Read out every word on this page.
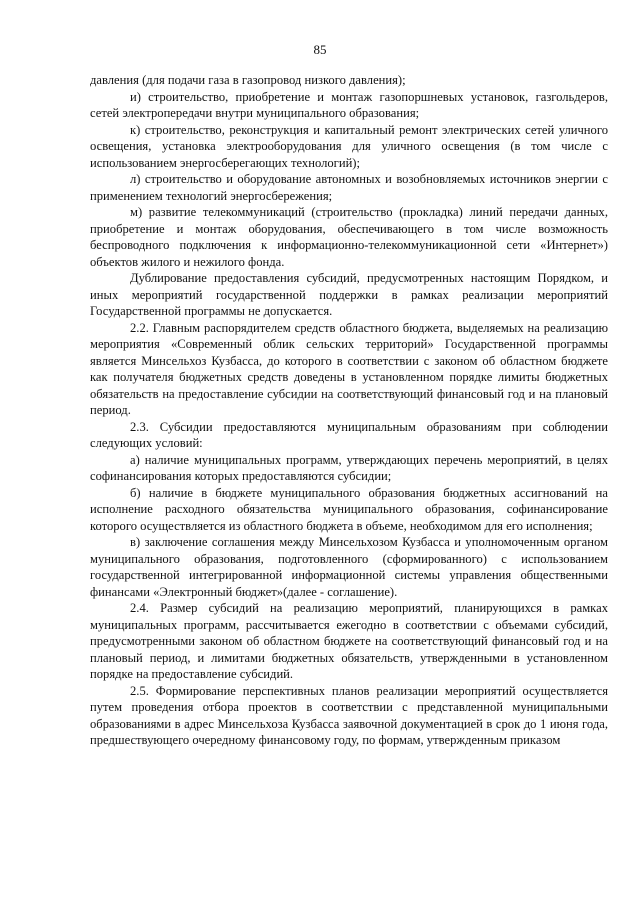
85

давления (для подачи газа в газопровод низкого давления);

и) строительство, приобретение и монтаж газопоршневых установок, газгольдеров, сетей электропередачи внутри муниципального образования;

к) строительство, реконструкция и капитальный ремонт электрических сетей уличного освещения, установка электрооборудования для уличного освещения (в том числе с использованием энергосберегающих технологий);

л) строительство и оборудование автономных и возобновляемых источников энергии с применением технологий энергосбережения;

м) развитие телекоммуникаций (строительство (прокладка) линий передачи данных, приобретение и монтаж оборудования, обеспечивающего в том числе возможность беспроводного подключения к информационно-телекоммуникационной сети «Интернет») объектов жилого и нежилого фонда.

Дублирование предоставления субсидий, предусмотренных настоящим Порядком, и иных мероприятий государственной поддержки в рамках реализации мероприятий Государственной программы не допускается.

2.2. Главным распорядителем средств областного бюджета, выделяемых на реализацию мероприятия «Современный облик сельских территорий» Государственной программы является Минсельхоз Кузбасса, до которого в соответствии с законом об областном бюджете как получателя бюджетных средств доведены в установленном порядке лимиты бюджетных обязательств на предоставление субсидии на соответствующий финансовый год и на плановый период.

2.3. Субсидии предоставляются муниципальным образованиям при соблюдении следующих условий:

а) наличие муниципальных программ, утверждающих перечень мероприятий, в целях софинансирования которых предоставляются субсидии;

б) наличие в бюджете муниципального образования бюджетных ассигнований на исполнение расходного обязательства муниципального образования, софинансирование которого осуществляется из областного бюджета в объеме, необходимом для его исполнения;

в) заключение соглашения между Минсельхозом Кузбасса и уполномоченным органом муниципального образования, подготовленного (сформированного) с использованием государственной интегрированной информационной системы управления общественными финансами «Электронный бюджет»(далее - соглашение).

2.4. Размер субсидий на реализацию мероприятий, планирующихся в рамках муниципальных программ, рассчитывается ежегодно в соответствии с объемами субсидий, предусмотренными законом об областном бюджете на соответствующий финансовый год и на плановый период, и лимитами бюджетных обязательств, утвержденными в установленном порядке на предоставление субсидий.

2.5. Формирование перспективных планов реализации мероприятий осуществляется путем проведения отбора проектов в соответствии с представленной муниципальными образованиями в адрес Минсельхоза Кузбасса заявочной документацией в срок до 1 июня года, предшествующего очередному финансовому году, по формам, утвержденным приказом
